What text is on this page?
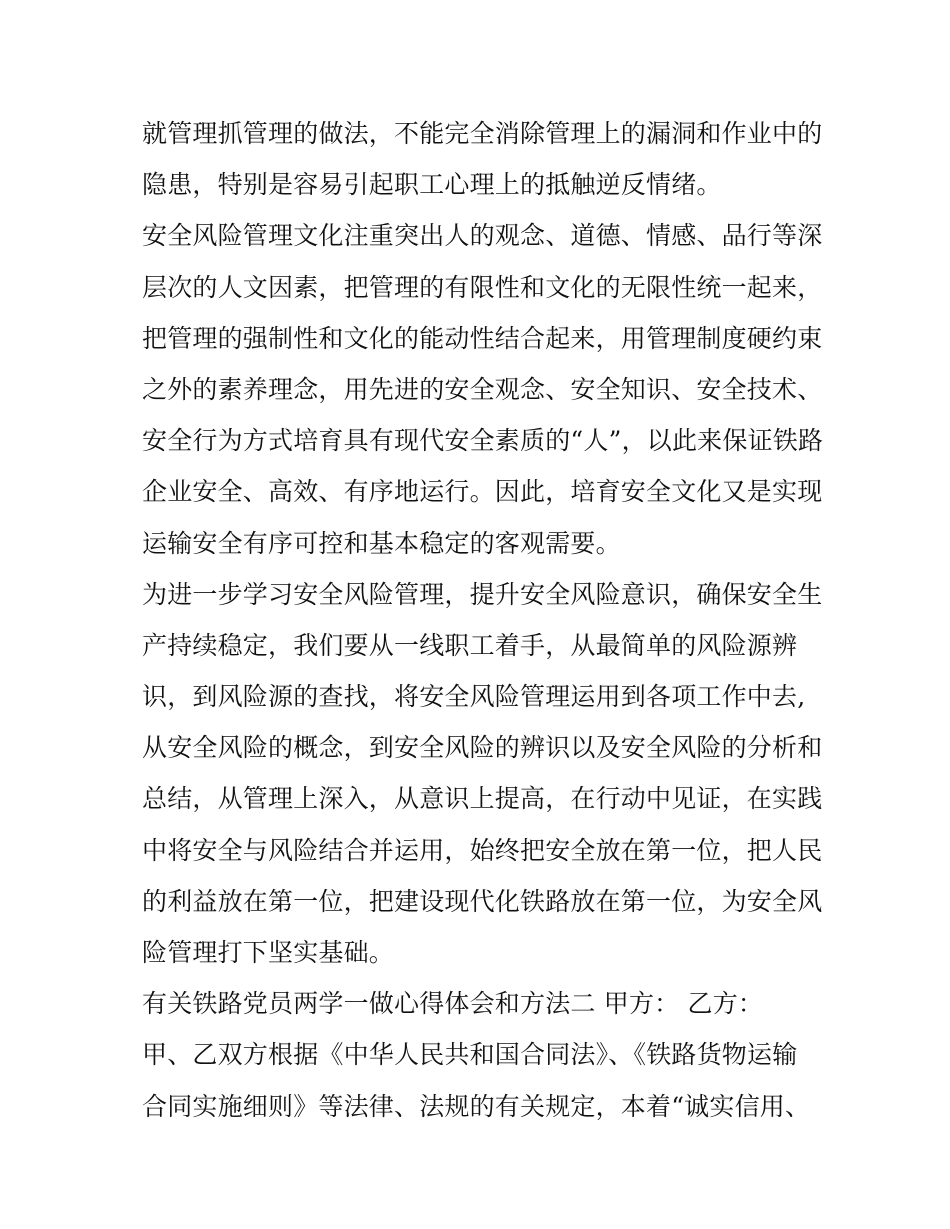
就管理抓管理的做法，不能完全消除管理上的漏洞和作业中的
隐患，特别是容易引起职工心理上的抵触逆反情绪。
安全风险管理文化注重突出人的观念、道德、情感、品行等深
层次的人文因素，把管理的有限性和文化的无限性统一起来，
把管理的强制性和文化的能动性结合起来，用管理制度硬约束
之外的素养理念，用先进的安全观念、安全知识、安全技术、
安全行为方式培育具有现代安全素质的“人”，以此来保证铁路
企业安全、高效、有序地运行。因此，培育安全文化又是实现
运输安全有序可控和基本稳定的客观需要。
为进一步学习安全风险管理，提升安全风险意识，确保安全生
产持续稳定，我们要从一线职工着手，从最简单的风险源辨
识，到风险源的查找，将安全风险管理运用到各项工作中去,
从安全风险的概念，到安全风险的辨识以及安全风险的分析和
总结，从管理上深入，从意识上提高，在行动中见证，在实践
中将安全与风险结合并运用，始终把安全放在第一位，把人民
的利益放在第一位，把建设现代化铁路放在第一位，为安全风
险管理打下坚实基础。
有关铁路党员两学一做心得体会和方法二 甲方： 乙方：
甲、乙双方根据《中华人民共和国合同法》、《铁路货物运输
合同实施细则》等法律、法规的有关规定，本着“诚实信用、
